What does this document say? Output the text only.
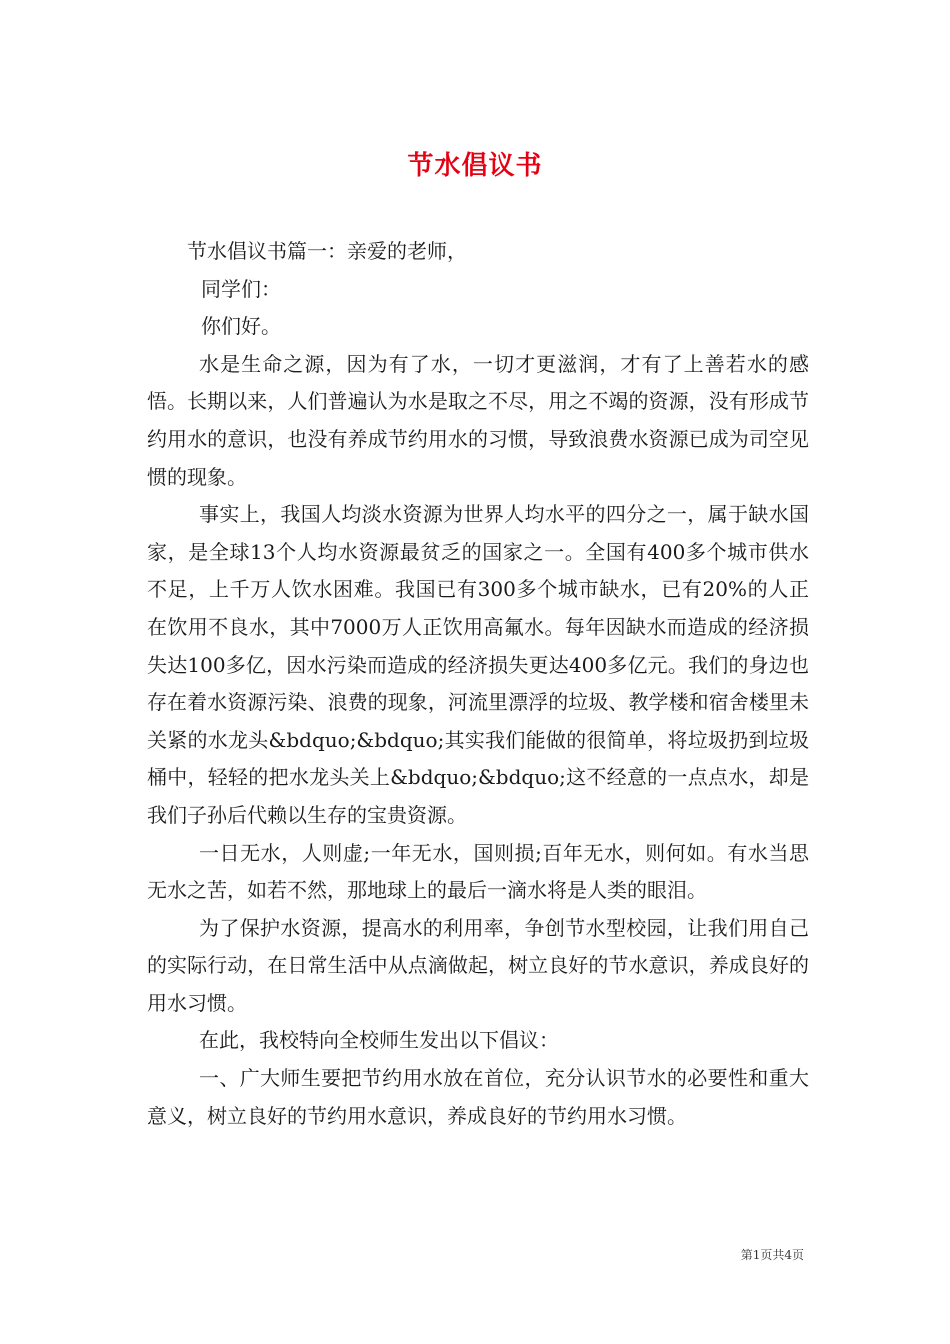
节水倡议书

节水倡议书篇一：亲爱的老师，

同学们：

你们好。

水是生命之源，因为有了水，一切才更滋润，才有了上善若水的感悟。长期以来，人们普遍认为水是取之不尽，用之不竭的资源，没有形成节约用水的意识，也没有养成节约用水的习惯，导致浪费水资源已成为司空见惯的现象。

事实上，我国人均淡水资源为世界人均水平的四分之一，属于缺水国家，是全球13个人均水资源最贫乏的国家之一。全国有400多个城市供水不足，上千万人饮水困难。我国已有300多个城市缺水，已有20%的人正在饮用不良水，其中7000万人正饮用高氟水。每年因缺水而造成的经济损失达100多亿，因水污染而造成的经济损失更达400多亿元。我们的身边也存在着水资源污染、浪费的现象，河流里漂浮的垃圾、教学楼和宿舍楼里未关紧的水龙头&bdquo;&bdquo;其实我们能做的很简单，将垃圾扔到垃圾桶中，轻轻的把水龙头关上&bdquo;&bdquo;这不经意的一点点水，却是我们子孙后代赖以生存的宝贵资源。

一日无水，人则虚;一年无水，国则损;百年无水，则何如。有水当思无水之苦，如若不然，那地球上的最后一滴水将是人类的眼泪。

为了保护水资源，提高水的利用率，争创节水型校园，让我们用自己的实际行动，在日常生活中从点滴做起，树立良好的节水意识，养成良好的用水习惯。

在此，我校特向全校师生发出以下倡议：

一、广大师生要把节约用水放在首位，充分认识节水的必要性和重大意义，树立良好的节约用水意识，养成良好的节约用水习惯。

第1页共4页
